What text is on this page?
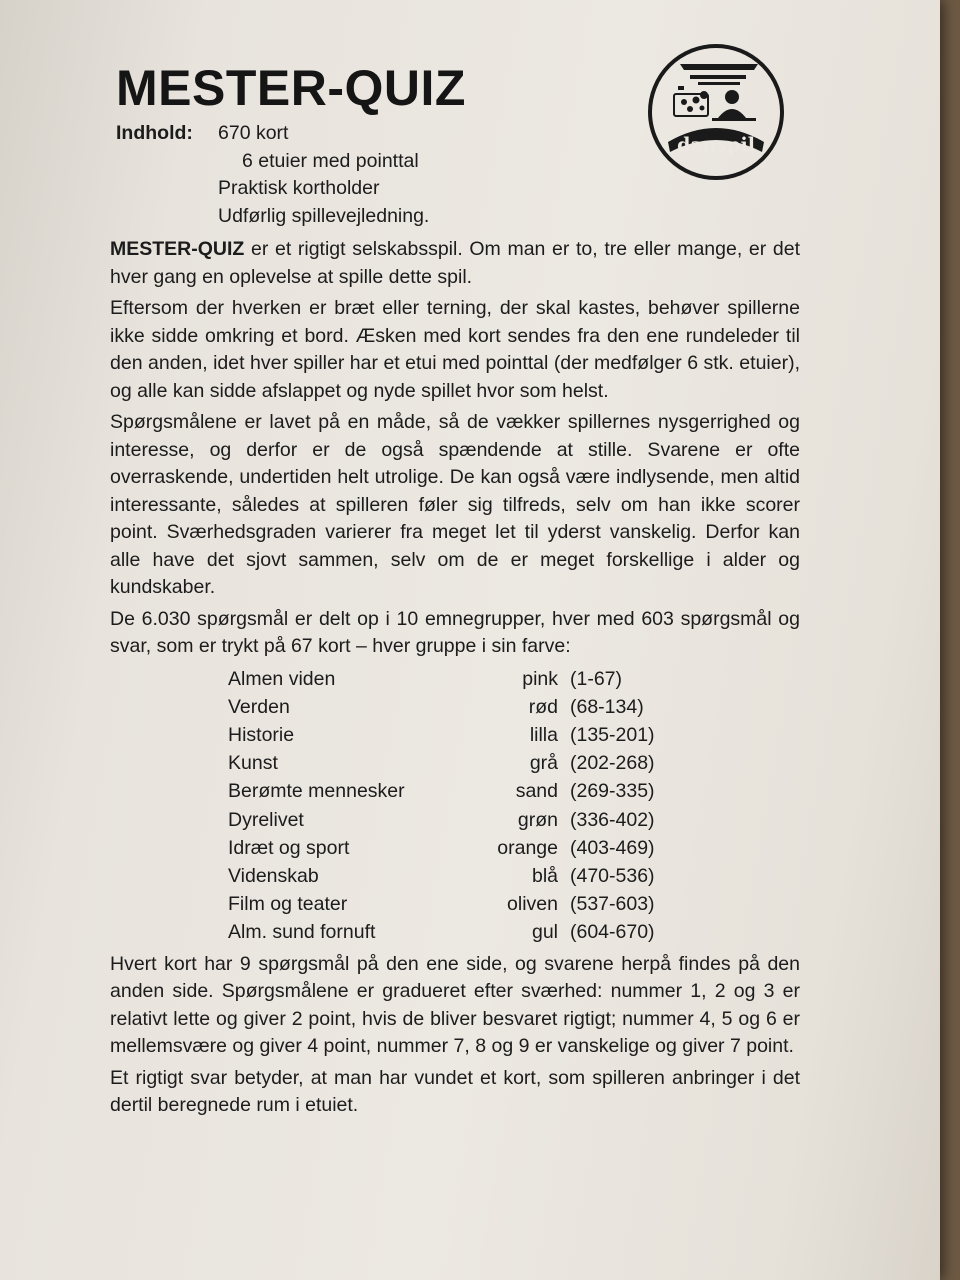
danspil
MESTER-QUIZ
Indhold:	670 kort
6 etuier med pointtal
Praktisk kortholder
Udførlig spillevejledning.

MESTER-QUIZ er et rigtigt selskabsspil. Om man er to, tre eller mange, er det hver gang en oplevelse at spille dette spil.

Eftersom der hverken er bræt eller terning, der skal kastes, behøver spillerne ikke sidde omkring et bord. Æsken med kort sendes fra den ene rundeleder til den anden, idet hver spiller har et etui med pointtal (der medfølger 6 stk. etuier), og alle kan sidde afslappet og nyde spillet hvor som helst.

Spørgsmålene er lavet på en måde, så de vækker spillernes nysgerrighed og interesse, og derfor er de også spændende at stille. Svarene er ofte overraskende, undertiden helt utrolige. De kan også være indlysende, men altid interessante, således at spilleren føler sig tilfreds, selv om han ikke scorer point. Sværhedsgraden varierer fra meget let til yderst vanskelig. Derfor kan alle have det sjovt sammen, selv om de er meget forskellige i alder og kundskaber.

De 6.030 spørgsmål er delt op i 10 emnegrupper, hver med 603 spørgsmål og svar, som er trykt på 67 kort – hver gruppe i sin farve:

Almen viden	pink	(1-67)
Verden	rød	(68-134)
Historie	lilla	(135-201)
Kunst	grå	(202-268)
Berømte mennesker	sand	(269-335)
Dyrelivet	grøn	(336-402)
Idræt og sport	orange	(403-469)
Videnskab	blå	(470-536)
Film og teater	oliven	(537-603)
Alm. sund fornuft	gul	(604-670)

Hvert kort har 9 spørgsmål på den ene side, og svarene herpå findes på den anden side. Spørgsmålene er gradueret efter sværhed: nummer 1, 2 og 3 er relativt lette og giver 2 point, hvis de bliver besvaret rigtigt; nummer 4, 5 og 6 er mellemsvære og giver 4 point, nummer 7, 8 og 9 er vanskelige og giver 7 point.

Et rigtigt svar betyder, at man har vundet et kort, som spilleren anbringer i det dertil beregnede rum i etuiet.
